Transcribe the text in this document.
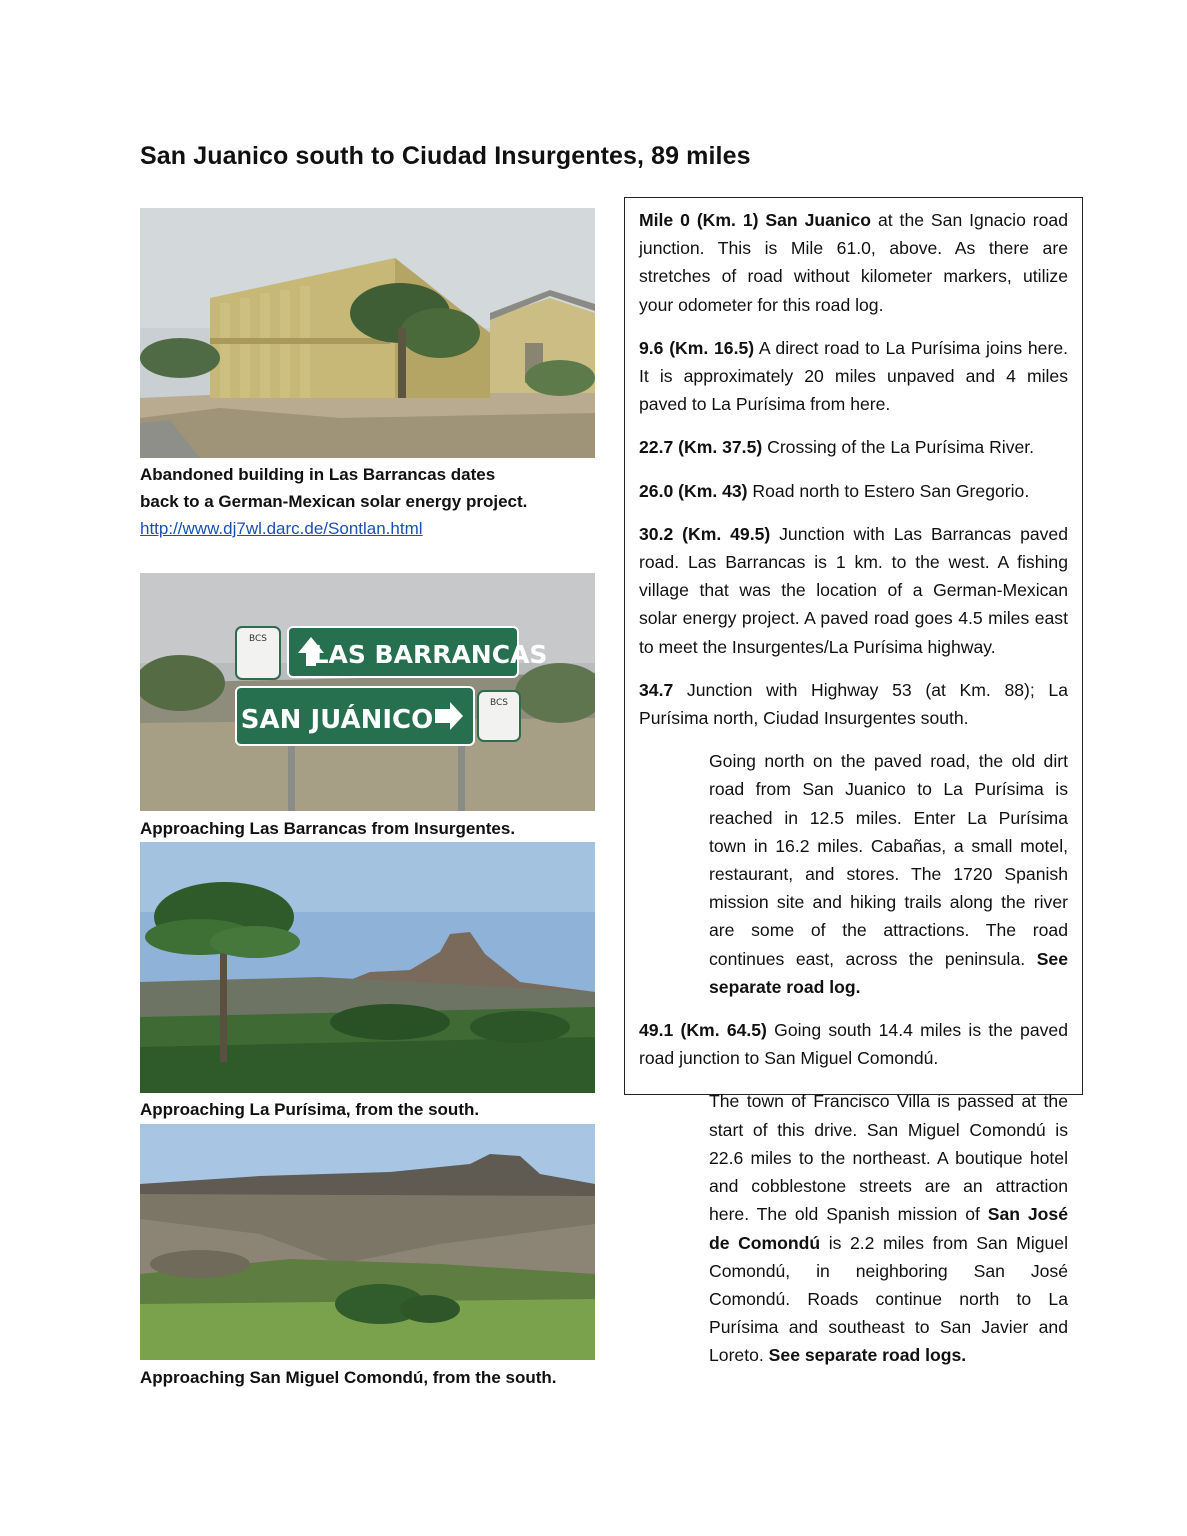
San Juanico south to Ciudad Insurgentes, 89 miles
Abandoned building in Las Barrancas dates
back to a German-Mexican solar energy project.
http://www.dj7wl.darc.de/Sontlan.html
BCS
LAS BARRANCAS
SAN JUÁNICO
BCS
Approaching Las Barrancas from Insurgentes.
Approaching La Purísima, from the south.
Approaching San Miguel Comondú, from the south.

Mile 0 (Km. 1) San Juanico at the San Ignacio road junction. This is Mile 61.0, above. As there are stretches of road without kilometer markers, utilize your odometer for this road log.

9.6 (Km. 16.5) A direct road to La Purísima joins here. It is approximately 20 miles unpaved and 4 miles paved to La Purísima from here.

22.7 (Km. 37.5) Crossing of the La Purísima River.

26.0 (Km. 43) Road north to Estero San Gregorio.

30.2 (Km. 49.5) Junction with Las Barrancas paved road. Las Barrancas is 1 km. to the west. A fishing village that was the location of a German-Mexican solar energy project. A paved road goes 4.5 miles east to meet the Insurgentes/La Purísima highway.

34.7 Junction with Highway 53 (at Km. 88); La Purísima north, Ciudad Insurgentes south.

Going north on the paved road, the old dirt road from San Juanico to La Purísima is reached in 12.5 miles. Enter La Purísima town in 16.2 miles. Cabañas, a small motel, restaurant, and stores. The 1720 Spanish mission site and hiking trails along the river are some of the attractions. The road continues east, across the peninsula. See separate road log.

49.1 (Km. 64.5) Going south 14.4 miles is the paved road junction to San Miguel Comondú.

The town of Francisco Villa is passed at the start of this drive. San Miguel Comondú is 22.6 miles to the northeast. A boutique hotel and cobblestone streets are an attraction here. The old Spanish mission of San José de Comondú is 2.2 miles from San Miguel Comondú, in neighboring San José Comondú. Roads continue north to La Purísima and southeast to San Javier and Loreto. See separate road logs.
